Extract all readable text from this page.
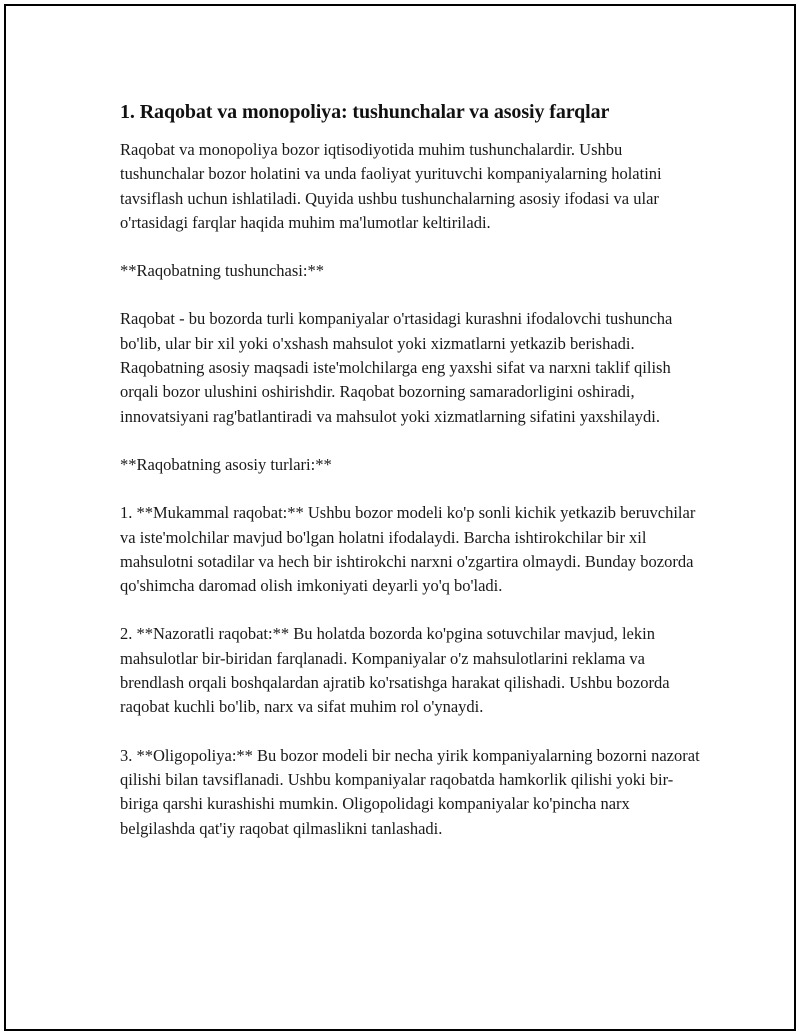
1. Raqobat va monopoliya: tushunchalar va asosiy farqlar

Raqobat va monopoliya bozor iqtisodiyotida muhim tushunchalardir. Ushbu tushunchalar bozor holatini va unda faoliyat yurituvchi kompaniyalarning holatini tavsiflash uchun ishlatiladi. Quyida ushbu tushunchalarning asosiy ifodasi va ular o'rtasidagi farqlar haqida muhim ma'lumotlar keltiriladi.

**Raqobatning tushunchasi:**

Raqobat - bu bozorda turli kompaniyalar o'rtasidagi kurashni ifodalovchi tushuncha bo'lib, ular bir xil yoki o'xshash mahsulot yoki xizmatlarni yetkazib berishadi. Raqobatning asosiy maqsadi iste'molchilarga eng yaxshi sifat va narxni taklif qilish orqali bozor ulushini oshirishdir. Raqobat bozorning samaradorligini oshiradi, innovatsiyani rag'batlantiradi va mahsulot yoki xizmatlarning sifatini yaxshilaydi.

**Raqobatning asosiy turlari:**

1. **Mukammal raqobat:** Ushbu bozor modeli ko'p sonli kichik yetkazib beruvchilar va iste'molchilar mavjud bo'lgan holatni ifodalaydi. Barcha ishtirokchilar bir xil mahsulotni sotadilar va hech bir ishtirokchi narxni o'zgartira olmaydi. Bunday bozorda qo'shimcha daromad olish imkoniyati deyarli yo'q bo'ladi.

2. **Nazoratli raqobat:** Bu holatda bozorda ko'pgina sotuvchilar mavjud, lekin mahsulotlar bir-biridan farqlanadi. Kompaniyalar o'z mahsulotlarini reklama va brendlash orqali boshqalardan ajratib ko'rsatishga harakat qilishadi. Ushbu bozorda raqobat kuchli bo'lib, narx va sifat muhim rol o'ynaydi.

3. **Oligopoliya:** Bu bozor modeli bir necha yirik kompaniyalarning bozorni nazorat qilishi bilan tavsiflanadi. Ushbu kompaniyalar raqobatda hamkorlik qilishi yoki bir-biriga qarshi kurashishi mumkin. Oligopolidagi kompaniyalar ko'pincha narx belgilashda qat'iy raqobat qilmaslikni tanlashadi.
